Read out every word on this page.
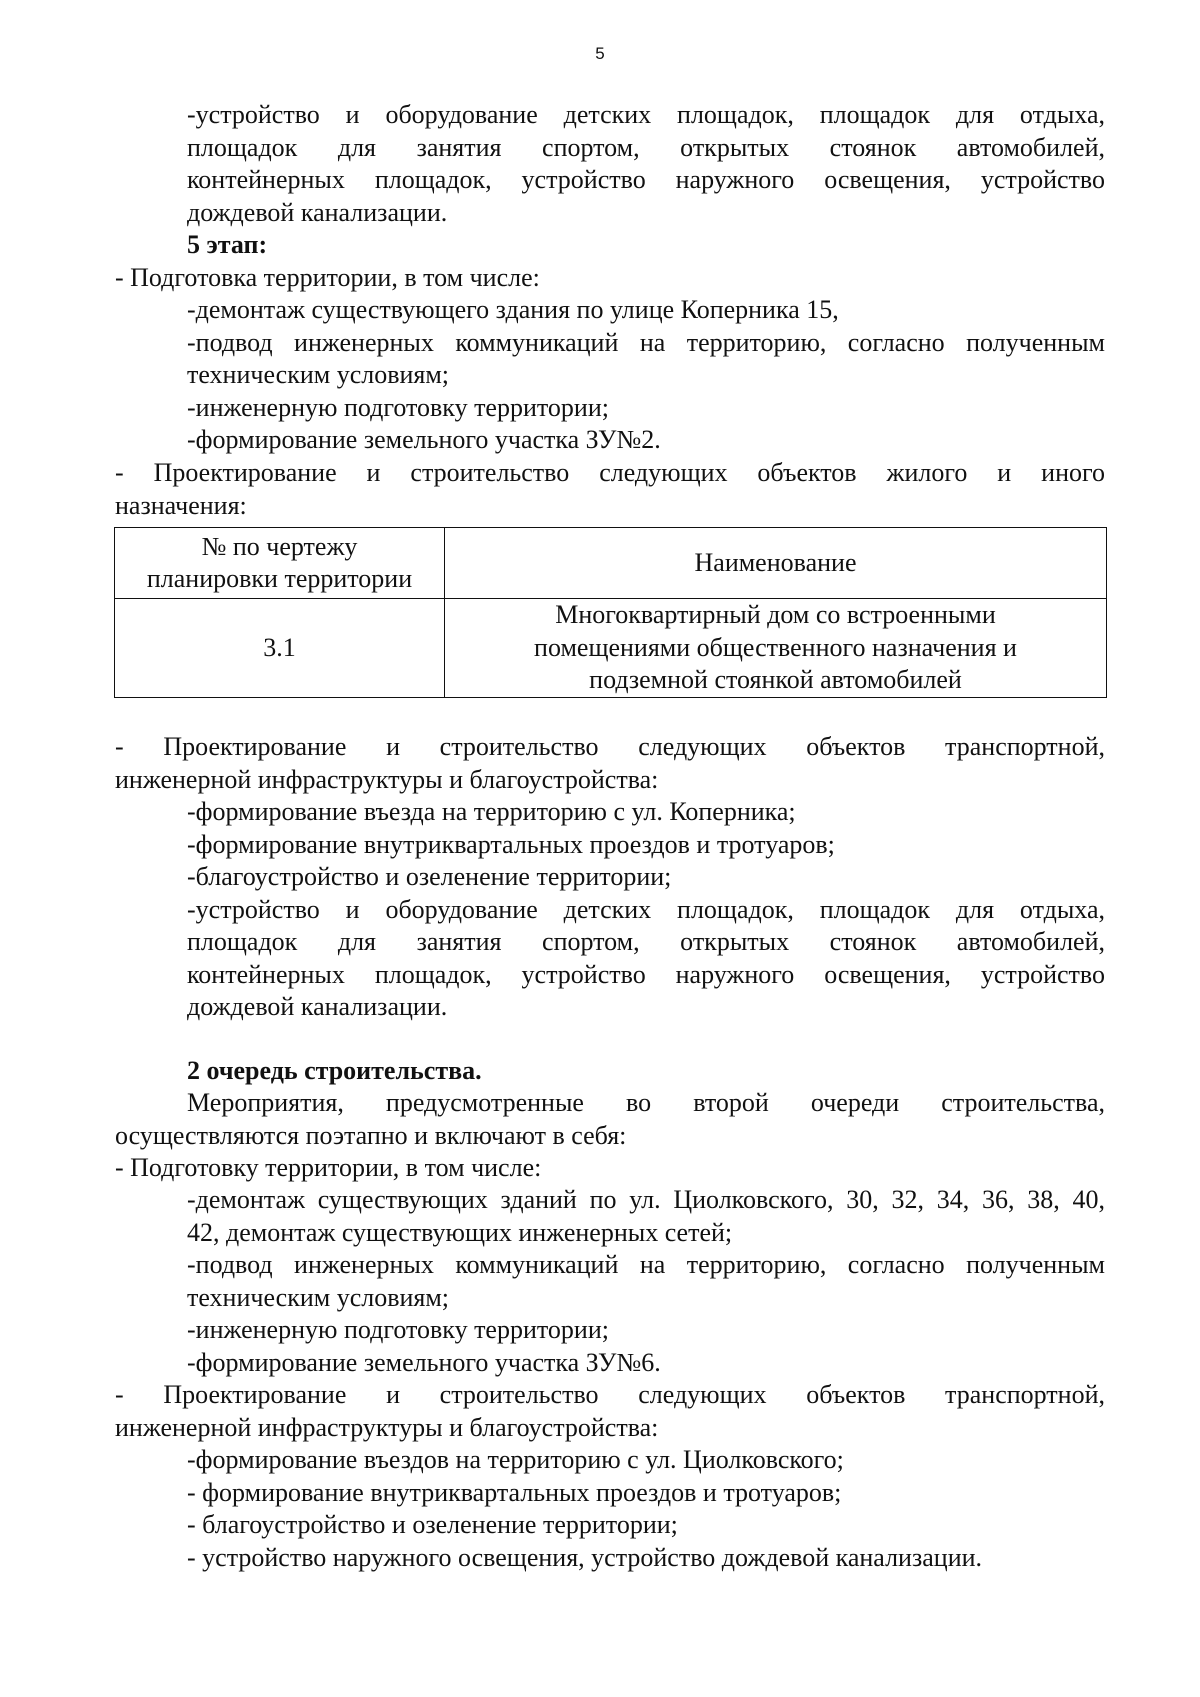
5
-устройство и оборудование детских площадок, площадок для отдыха,
площадок для занятия спортом, открытых стоянок автомобилей,
контейнерных площадок, устройство наружного освещения, устройство
дождевой канализации.
5 этап:
- Подготовка территории, в том числе:
-демонтаж существующего здания по улице Коперника 15,
-подвод инженерных коммуникаций на территорию, согласно полученным
техническим условиям;
-инженерную подготовку территории;
-формирование земельного участка ЗУ№2.
- Проектирование и строительство следующих объектов жилого и иного
назначения:
№ по чертежу
планировки территории	Наименование
3.1	Многоквартирный дом со встроенными
помещениями общественного назначения и
подземной стоянкой автомобилей
- Проектирование и строительство следующих объектов транспортной,
инженерной инфраструктуры и благоустройства:
-формирование въезда на территорию с ул. Коперника;
-формирование внутриквартальных проездов и тротуаров;
-благоустройство и озеленение территории;
-устройство и оборудование детских площадок, площадок для отдыха,
площадок для занятия спортом, открытых стоянок автомобилей,
контейнерных площадок, устройство наружного освещения, устройство
дождевой канализации.
2 очередь строительства.
Мероприятия, предусмотренные во второй очереди строительства,
осуществляются поэтапно и включают в себя:
- Подготовку территории, в том числе:
-демонтаж существующих зданий по ул. Циолковского, 30, 32, 34, 36, 38, 40,
42, демонтаж существующих инженерных сетей;
-подвод инженерных коммуникаций на территорию, согласно полученным
техническим условиям;
-инженерную подготовку территории;
-формирование земельного участка ЗУ№6.
- Проектирование и строительство следующих объектов транспортной,
инженерной инфраструктуры и благоустройства:
-формирование въездов на территорию с ул. Циолковского;
- формирование внутриквартальных проездов и тротуаров;
- благоустройство и озеленение территории;
- устройство наружного освещения, устройство дождевой канализации.
